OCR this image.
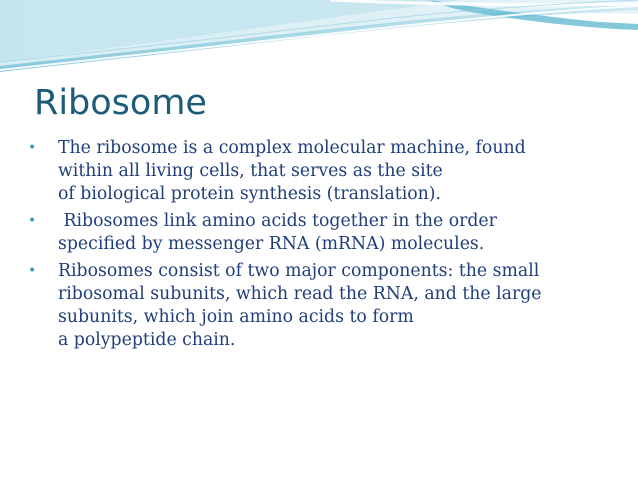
Ribosome
• The ribosome is a complex molecular machine, found
within all living cells, that serves as the site
of biological protein synthesis (translation).
• Ribosomes link amino acids together in the order
specified by messenger RNA (mRNA) molecules.
• Ribosomes consist of two major components: the small
ribosomal subunits, which read the RNA, and the large
subunits, which join amino acids to form
a polypeptide chain.
